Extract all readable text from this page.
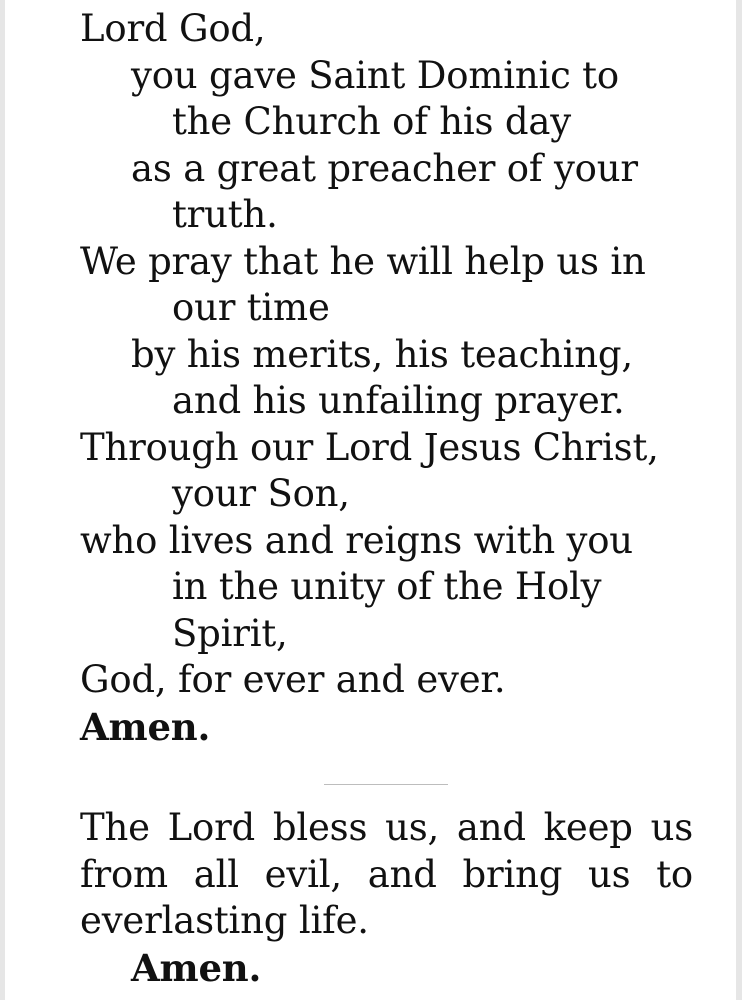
Lord God,
you gave Saint Dominic to
the Church of his day
as a great preacher of your
truth.
We pray that he will help us in
our time
by his merits, his teaching,
and his unfailing prayer.
Through our Lord Jesus Christ,
your Son,
who lives and reigns with you
in the unity of the Holy
Spirit,
God, for ever and ever.
Amen.
The Lord bless us, and keep us from all evil, and bring us to everlasting life.
Amen.
